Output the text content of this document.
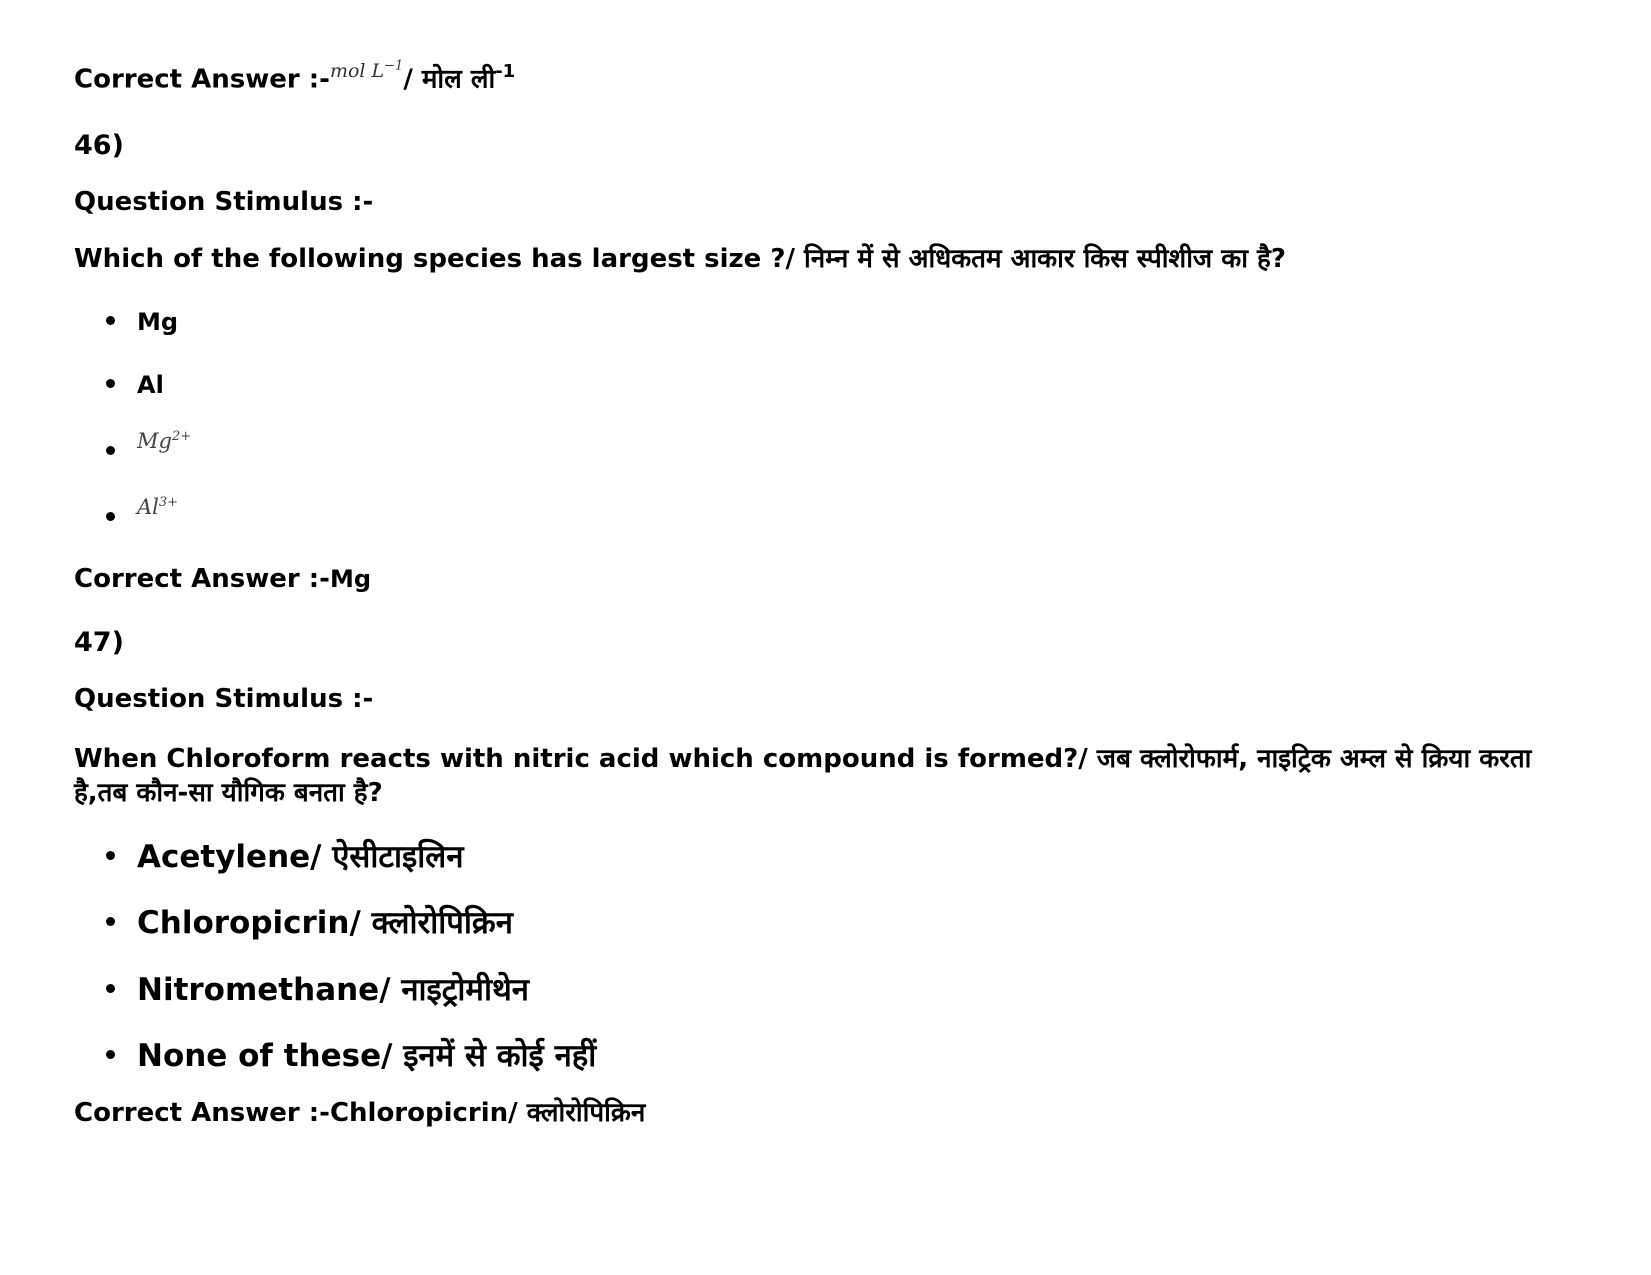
Correct Answer :-$^{mol L^{-1}}$/ मोल ली$^{-1}$
46)
Question Stimulus :-
Which of the following species has largest size ?/ निम्न में से अधिकतम आकार किस स्पीशीज का है?
Mg
Al
$Mg^{2+}$
$Al^{3+}$
Correct Answer :-Mg
47)
Question Stimulus :-
When Chloroform reacts with nitric acid which compound is formed?/ जब क्लोरोफार्म, नाइट्रिक अम्ल से क्रिया करता है,तब कौन-सा यौगिक बनता है?
Acetylene/ ऐसीटाइलिन
Chloropicrin/ क्लोरोपिक्रिन
Nitromethane/ नाइट्रोमीथेन
None of these/ इनमें से कोई नहीं
Correct Answer :-Chloropicrin/ क्लोरोपिक्रिन
